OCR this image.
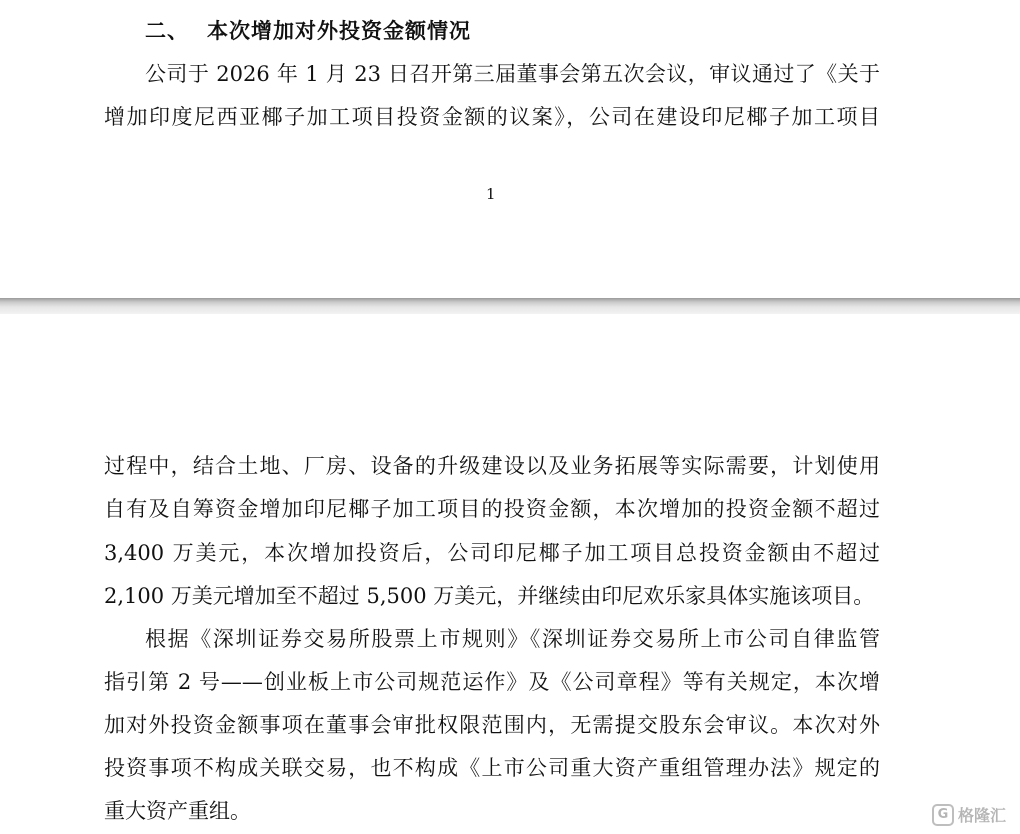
二、 本次增加对外投资金额情况
公司于 2026 年 1 月 23 日召开第三届董事会第五次会议，审议通过了《关于
增加印度尼西亚椰子加工项目投资金额的议案》，公司在建设印尼椰子加工项目
1
过程中，结合土地、厂房、设备的升级建设以及业务拓展等实际需要，计划使用
自有及自筹资金增加印尼椰子加工项目的投资金额，本次增加的投资金额不超过
3,400 万美元，本次增加投资后，公司印尼椰子加工项目总投资金额由不超过
2,100 万美元增加至不超过 5,500 万美元，并继续由印尼欢乐家具体实施该项目。
根据《深圳证券交易所股票上市规则》《深圳证券交易所上市公司自律监管
指引第 2 号——创业板上市公司规范运作》及《公司章程》等有关规定，本次增
加对外投资金额事项在董事会审批权限范围内，无需提交股东会审议。本次对外
投资事项不构成关联交易，也不构成《上市公司重大资产重组管理办法》规定的
重大资产重组。	G 格隆汇
